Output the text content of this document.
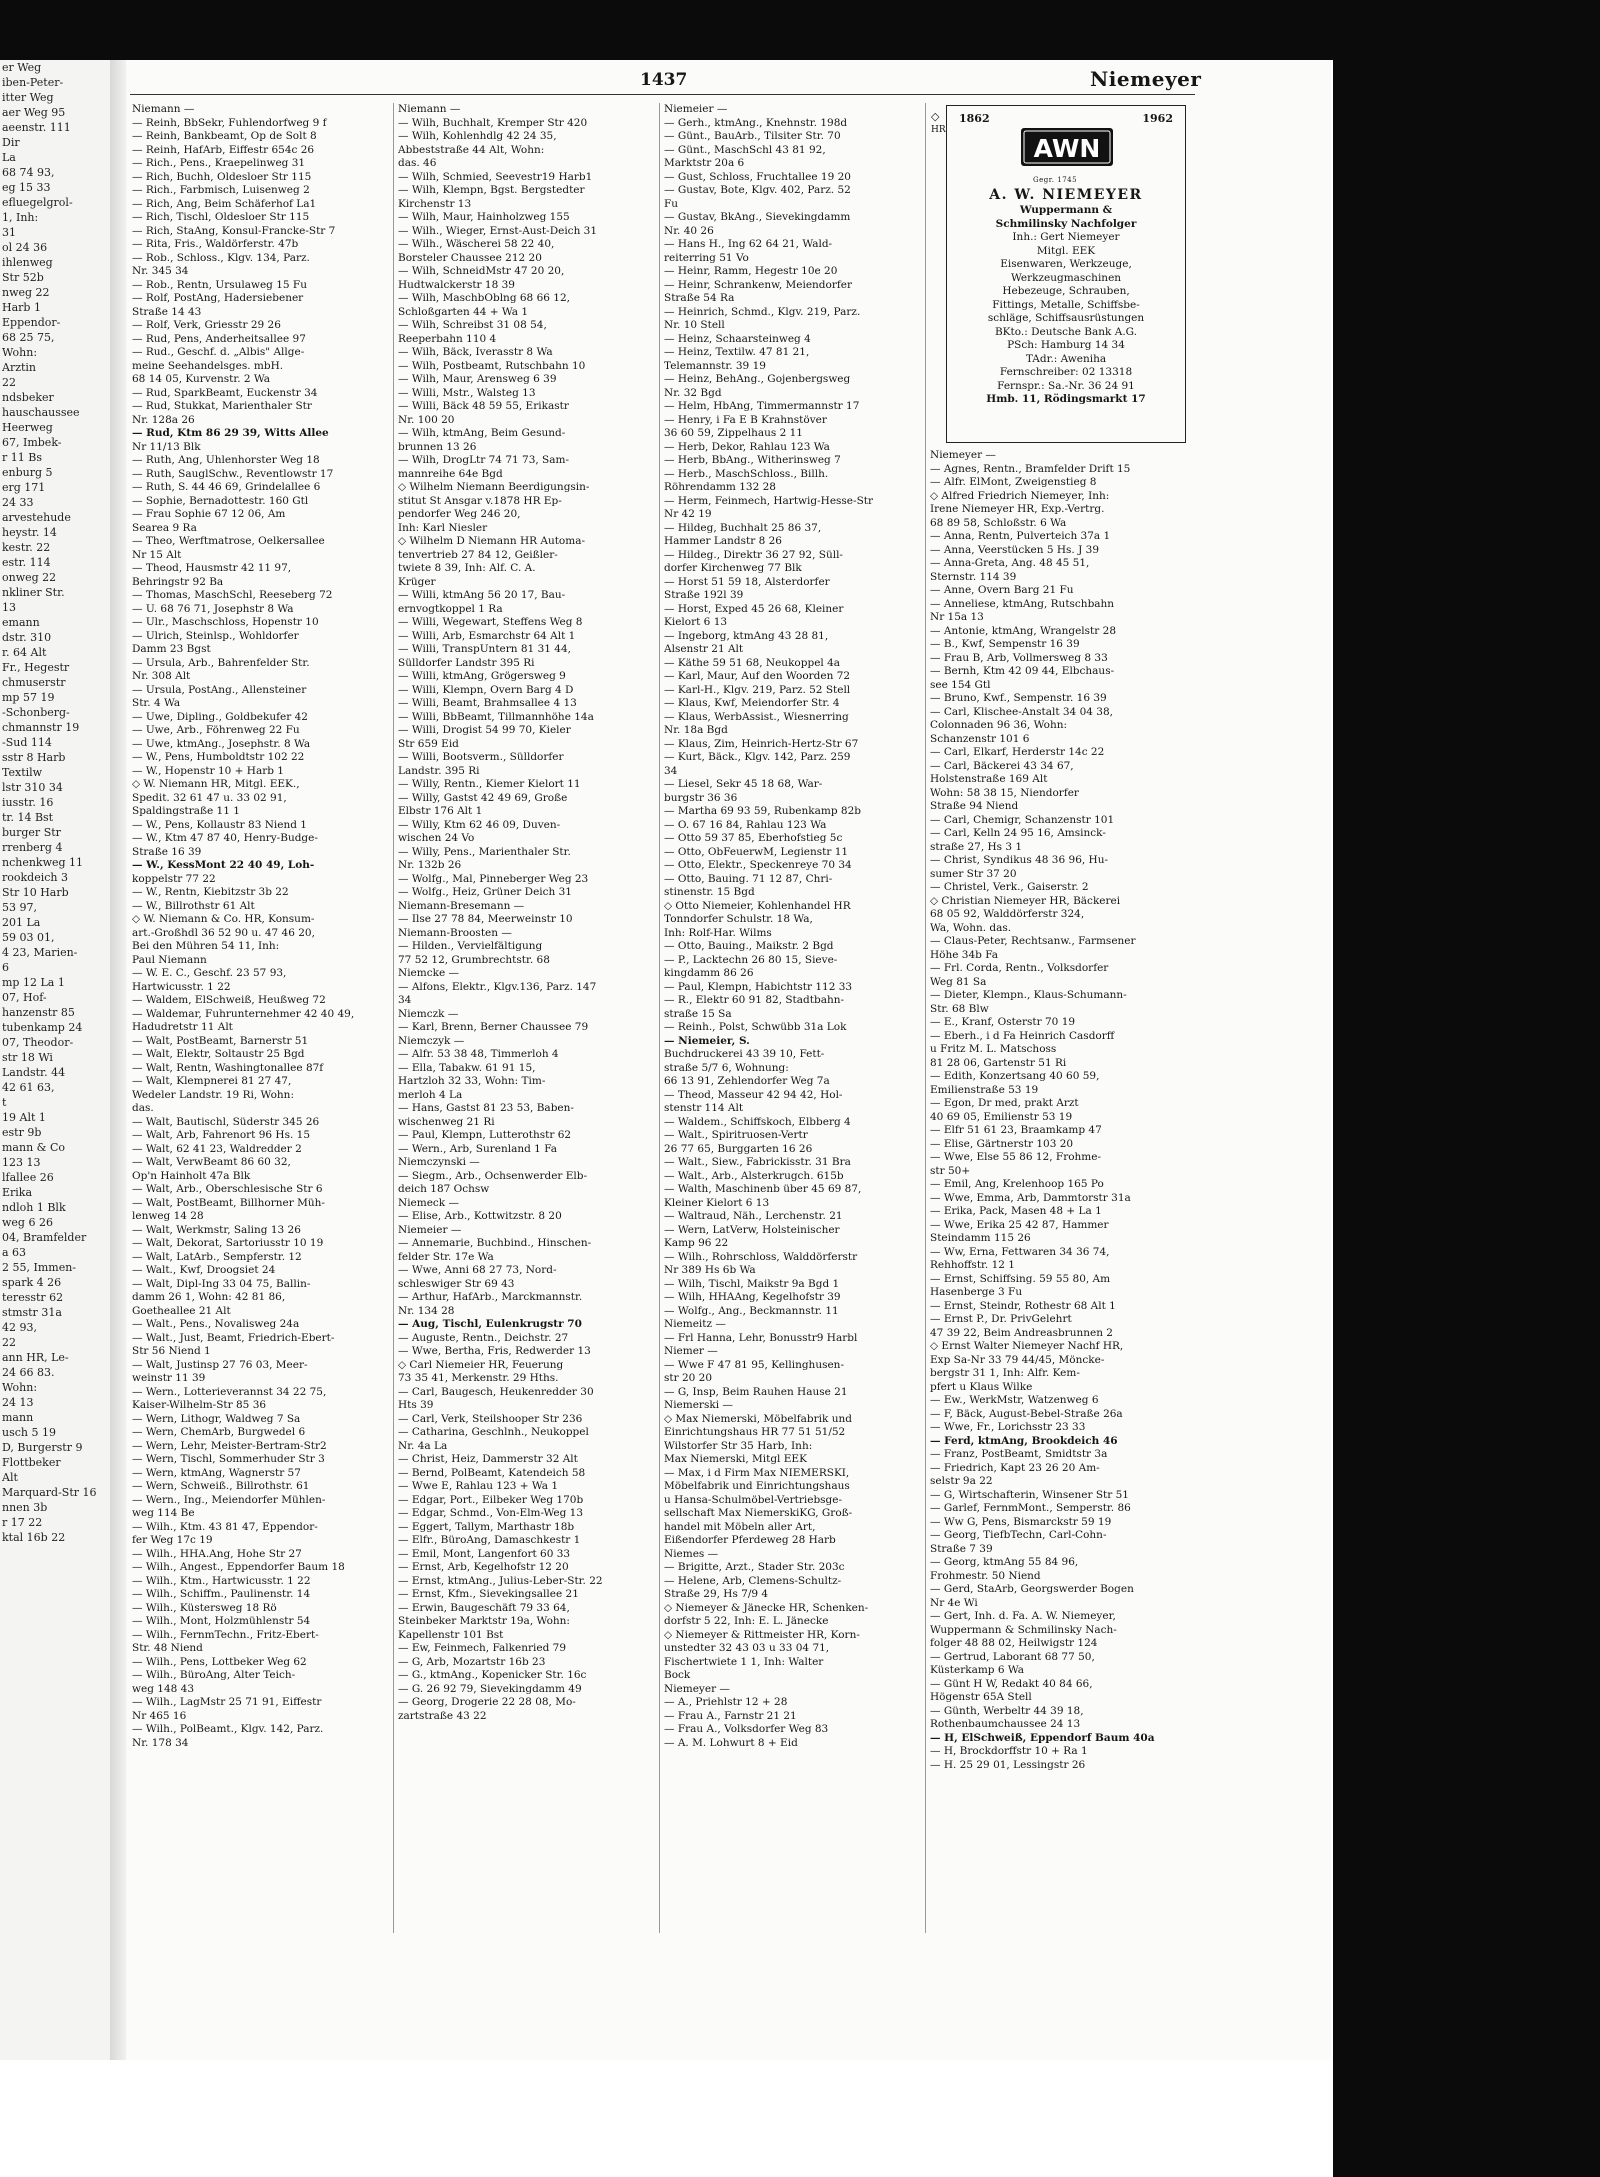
er Weg
iben-Peter-
itter Weg
aer Weg 95
aeenstr. 111
Dir
La
68 74 93,
eg 15 33
efluegelgrol-
1, Inh:
31
ol 24 36
ihlenweg
Str 52b
nweg 22
Harb 1
Eppendor-
68 25 75,
Wohn:
Arztin
22
ndsbeker
hauschaussee
Heerweg
67, Imbek-
r 11 Bs
enburg 5
erg 171
24 33
arvestehude
heystr. 14
kestr. 22
estr. 114
onweg 22
nkliner Str.
13
emann
dstr. 310
r. 64 Alt
Fr., Hegestr
chmuserstr
mp 57 19
-Schonberg-
chmannstr 19
-Sud 114
sstr 8 Harb
Textilw
lstr 310 34
iusstr. 16
tr. 14 Bst
burger Str
rrenberg 4
nchenkweg 11
rookdeich 3
Str 10 Harb
53 97,
201 La
59 03 01,
4 23, Marien-
6
mp 12 La 1
07, Hof-
hanzenstr 85
tubenkamp 24
07, Theodor-
str 18 Wi
Landstr. 44
42 61 63,
t
19 Alt 1
estr 9b
mann & Co
123 13
lfallee 26
Erika
ndloh 1 Blk
weg 6 26
04, Bramfelder
a 63
2 55, Immen-
spark 4 26
teresstr 62
stmstr 31a
42 93,
22
ann HR, Le-
24 66 83.
Wohn:
24 13
mann
usch 5 19
D, Burgerstr 9
Flottbeker
Alt
Marquard-Str 16
nnen 3b
r 17 22
ktal 16b 22
1437	Niemeyer
Niemann —
— Reinh, BbSekr, Fuhlendorfweg 9 f
— Reinh, Bankbeamt, Op de Solt 8
— Reinh, HafArb, Eiffestr 654c 26
— Rich., Pens., Kraepelinweg 31
— Rich, Buchh, Oldesloer Str 115
— Rich., Farbmisch, Luisenweg 2
— Rich, Ang, Beim Schäferhof La1
— Rich, Tischl, Oldesloer Str 115
— Rich, StaAng, Konsul-Francke-Str 7
— Rita, Fris., Waldörferstr. 47b
— Rob., Schloss., Klgv. 134, Parz.
Nr. 345 34
— Rob., Rentn, Ursulaweg 15 Fu
— Rolf, PostAng, Hadersiebener
Straße 14 43
— Rolf, Verk, Griesstr 29 26
— Rud, Pens, Anderheitsallee 97
— Rud., Geschf. d. „Albis" Allge-
meine Seehandelsges. mbH.
68 14 05, Kurvenstr. 2 Wa
— Rud, SparkBeamt, Euckenstr 34
— Rud, Stukkat, Marienthaler Str
Nr. 128a 26
— Rud, Ktm 86 29 39, Witts Allee
Nr 11/13 Blk
— Ruth, Ang, Uhlenhorster Weg 18
— Ruth, SauglSchw., Reventlowstr 17
— Ruth, S. 44 46 69, Grindelallee 6
— Sophie, Bernadottestr. 160 Gtl
— Frau Sophie 67 12 06, Am
Searea 9 Ra
— Theo, Werftmatrose, Oelkersallee
Nr 15 Alt
— Theod, Hausmstr 42 11 97,
Behringstr 92 Ba
— Thomas, MaschSchl, Reeseberg 72
— U. 68 76 71, Josephstr 8 Wa
— Ulr., Maschschloss, Hopenstr 10
— Ulrich, Steinlsp., Wohldorfer
Damm 23 Bgst
— Ursula, Arb., Bahrenfelder Str.
Nr. 308 Alt
— Ursula, PostAng., Allensteiner
Str. 4 Wa
— Uwe, Dipling., Goldbekufer 42
— Uwe, Arb., Föhrenweg 22 Fu
— Uwe, ktmAng., Josephstr. 8 Wa
— W., Pens, Humboldtstr 102 22
— W., Hopenstr 10 + Harb 1
◇ W. Niemann HR, Mitgl. EEK.,
Spedit. 32 61 47 u. 33 02 91,
Spaldingstraße 11 1
— W., Pens, Kollaustr 83 Niend 1
— W., Ktm 47 87 40, Henry-Budge-
Straße 16 39
— W., KessMont 22 40 49, Loh-
koppelstr 77 22
— W., Rentn, Kiebitzstr 3b 22
— W., Billrothstr 61 Alt
◇ W. Niemann & Co. HR, Konsum-
art.-Großhdl 36 52 90 u. 47 46 20,
Bei den Mühren 54 11, Inh:
Paul Niemann
— W. E. C., Geschf. 23 57 93,
Hartwicusstr. 1 22
— Waldem, ElSchweiß, Heußweg 72
— Waldemar, Fuhrunternehmer 42 40 49,
Hadudretstr 11 Alt
— Walt, PostBeamt, Barnerstr 51
— Walt, Elektr, Soltaustr 25 Bgd
— Walt, Rentn, Washingtonallee 87f
— Walt, Klempnerei 81 27 47,
Wedeler Landstr. 19 Ri, Wohn:
das.
— Walt, Bautischl, Süderstr 345 26
— Walt, Arb, Fahrenort 96 Hs. 15
— Walt, 62 41 23, Waldredder 2
— Walt, VerwBeamt 86 60 32,
Op'n Hainholt 47a Blk
— Walt, Arb., Oberschlesische Str 6
— Walt, PostBeamt, Billhorner Müh-
lenweg 14 28
— Walt, Werkmstr, Saling 13 26
— Walt, Dekorat, Sartoriusstr 10 19
— Walt, LatArb., Sempferstr. 12
— Walt., Kwf, Droogsiet 24
— Walt, Dipl-Ing 33 04 75, Ballin-
damm 26 1, Wohn: 42 81 86,
Goetheallee 21 Alt
— Walt., Pens., Novalisweg 24a
— Walt., Just, Beamt, Friedrich-Ebert-
Str 56 Niend 1
— Walt, Justinsp 27 76 03, Meer-
weinstr 11 39
— Wern., Lotterieverannst 34 22 75,
Kaiser-Wilhelm-Str 85 36
— Wern, Lithogr, Waldweg 7 Sa
— Wern, ChemArb, Burgwedel 6
— Wern, Lehr, Meister-Bertram-Str2
— Wern, Tischl, Sommerhuder Str 3
— Wern, ktmAng, Wagnerstr 57
— Wern, Schweiß., Billrothstr. 61
— Wern., Ing., Meiendorfer Mühlen-
weg 114 Be
— Wilh., Ktm. 43 81 47, Eppendor-
fer Weg 17c 19
— Wilh., HHA.Ang, Hohe Str 27
— Wilh., Angest., Eppendorfer Baum 18
— Wilh., Ktm., Hartwicusstr. 1 22
— Wilh., Schiffm., Paulinenstr. 14
— Wilh., Küstersweg 18 Rö
— Wilh., Mont, Holzmühlenstr 54
— Wilh., FernmTechn., Fritz-Ebert-
Str. 48 Niend
— Wilh., Pens, Lottbeker Weg 62
— Wilh., BüroAng, Alter Teich-
weg 148 43
— Wilh., LagMstr 25 71 91, Eiffestr
Nr 465 16
— Wilh., PolBeamt., Klgv. 142, Parz.
Nr. 178 34
Niemann —
— Wilh, Buchhalt, Kremper Str 420
— Wilh, Kohlenhdlg 42 24 35,
Abbeststraße 44 Alt, Wohn:
das. 46
— Wilh, Schmied, Seevestr19 Harb1
— Wilh, Klempn, Bgst. Bergstedter
Kirchenstr 13
— Wilh, Maur, Hainholzweg 155
— Wilh., Wieger, Ernst-Aust-Deich 31
— Wilh., Wäscherei 58 22 40,
Borsteler Chaussee 212 20
— Wilh, SchneidMstr 47 20 20,
Hudtwalckerstr 18 39
— Wilh, MaschbOblng 68 66 12,
Schloßgarten 44 + Wa 1
— Wilh, Schreibst 31 08 54,
Reeperbahn 110 4
— Wilh, Bäck, Iverasstr 8 Wa
— Wilh, Postbeamt, Rutschbahn 10
— Wilh, Maur, Arensweg 6 39
— Willi, Mstr., Walsteg 13
— Willi, Bäck 48 59 55, Erikastr
Nr. 100 20
— Wilh, ktmAng, Beim Gesund-
brunnen 13 26
— Wilh, DrogLtr 74 71 73, Sam-
mannreihe 64e Bgd
◇ Wilhelm Niemann Beerdigungsin-
stitut St Ansgar v.1878 HR Ep-
pendorfer Weg 246 20,
Inh: Karl Niesler
◇ Wilhelm D Niemann HR Automa-
tenvertrieb 27 84 12, Geißler-
twiete 8 39, Inh: Alf. C. A.
Krüger
— Willi, ktmAng 56 20 17, Bau-
ernvogtkoppel 1 Ra
— Willi, Wegewart, Steffens Weg 8
— Willi, Arb, Esmarchstr 64 Alt 1
— Willi, TranspUntern 81 31 44,
Sülldorfer Landstr 395 Ri
— Willi, ktmAng, Grögersweg 9
— Willi, Klempn, Overn Barg 4 D
— Willi, Beamt, Brahmsallee 4 13
— Willi, BbBeamt, Tillmannhöhe 14a
— Willi, Drogist 54 99 70, Kieler
Str 659 Eid
— Willi, Bootsverm., Sülldorfer
Landstr. 395 Ri
— Willy, Rentn., Kiemer Kielort 11
— Willy, Gastst 42 49 69, Große
Elbstr 176 Alt 1
— Willy, Ktm 62 46 09, Duven-
wischen 24 Vo
— Willy, Pens., Marienthaler Str.
Nr. 132b 26
— Wolfg., Mal, Pinneberger Weg 23
— Wolfg., Heiz, Grüner Deich 31
Niemann-Bresemann —
— Ilse 27 78 84, Meerweinstr 10
Niemann-Broosten —
— Hilden., Vervielfältigung
77 52 12, Grumbrechtstr. 68
Niemcke —
— Alfons, Elektr., Klgv.136, Parz. 147
34
Niemczk —
— Karl, Brenn, Berner Chaussee 79
Niemczyk —
— Alfr. 53 38 48, Timmerloh 4
— Ella, Tabakw. 61 91 15,
Hartzloh 32 33, Wohn: Tim-
merloh 4 La
— Hans, Gastst 81 23 53, Baben-
wischenweg 21 Ri
— Paul, Klempn, Lutterothstr 62
— Wern., Arb, Surenland 1 Fa
Niemczynski —
— Siegm., Arb., Ochsenwerder Elb-
deich 187 Ochsw
Niemeck —
— Elise, Arb., Kottwitzstr. 8 20
Niemeier —
— Annemarie, Buchbind., Hinschen-
felder Str. 17e Wa
— Wwe, Anni 68 27 73, Nord-
schleswiger Str 69 43
— Arthur, HafArb., Marckmannstr.
Nr. 134 28
— Aug, Tischl, Eulenkrugstr 70
— Auguste, Rentn., Deichstr. 27
— Wwe, Bertha, Fris, Redwerder 13
◇ Carl Niemeier HR, Feuerung
73 35 41, Merkenstr. 29 Hths.
— Carl, Baugesch, Heukenredder 30
Hts 39
— Carl, Verk, Steilshooper Str 236
— Catharina, Geschlnh., Neukoppel
Nr. 4a La
— Christ, Heiz, Dammerstr 32 Alt
— Bernd, PolBeamt, Katendeich 58
— Wwe E, Rahlau 123 + Wa 1
— Edgar, Port., Eilbeker Weg 170b
— Edgar, Schmd., Von-Elm-Weg 13
— Eggert, Tallym, Marthastr 18b
— Elfr., BüroAng, Damaschkestr 1
— Emil, Mont, Langenfort 60 33
— Ernst, Arb, Kegelhofstr 12 20
— Ernst, ktmAng., Julius-Leber-Str. 22
— Ernst, Kfm., Sievekingsallee 21
— Erwin, Baugeschäft 79 33 64,
Steinbeker Marktstr 19a, Wohn:
Kapellenstr 101 Bst
— Ew, Feinmech, Falkenried 79
— G, Arb, Mozartstr 16b 23
— G., ktmAng., Kopenicker Str. 16c
— G. 26 92 79, Sievekingdamm 49
— Georg, Drogerie 22 28 08, Mo-
zartstraße 43 22
Niemeier —
— Gerh., ktmAng., Knehnstr. 198d
— Günt., BauArb., Tilsiter Str. 70
— Günt., MaschSchl 43 81 92,
Marktstr 20a 6
— Gust, Schloss, Fruchtallee 19 20
— Gustav, Bote, Klgv. 402, Parz. 52
Fu
— Gustav, BkAng., Sievekingdamm
Nr. 40 26
— Hans H., Ing 62 64 21, Wald-
reiterring 51 Vo
— Heinr, Ramm, Hegestr 10e 20
— Heinr, Schrankenw, Meiendorfer
Straße 54 Ra
— Heinrich, Schmd., Klgv. 219, Parz.
Nr. 10 Stell
— Heinz, Schaarsteinweg 4
— Heinz, Textilw. 47 81 21,
Telemannstr. 39 19
— Heinz, BehAng., Gojenbergsweg
Nr. 32 Bgd
— Helm, HbAng, Timmermannstr 17
— Henry, i Fa E B Krahnstöver
36 60 59, Zippelhaus 2 11
— Herb, Dekor, Rahlau 123 Wa
— Herb, BbAng., Witherinsweg 7
— Herb., MaschSchloss., Billh.
Röhrendamm 132 28
— Herm, Feinmech, Hartwig-Hesse-Str
Nr 42 19
— Hildeg, Buchhalt 25 86 37,
Hammer Landstr 8 26
— Hildeg., Direktr 36 27 92, Süll-
dorfer Kirchenweg 77 Blk
— Horst 51 59 18, Alsterdorfer
Straße 192l 39
— Horst, Exped 45 26 68, Kleiner
Kielort 6 13
— Ingeborg, ktmAng 43 28 81,
Alsenstr 21 Alt
— Käthe 59 51 68, Neukoppel 4a
— Karl, Maur, Auf den Woorden 72
— Karl-H., Klgv. 219, Parz. 52 Stell
— Klaus, Kwf, Meiendorfer Str. 4
— Klaus, WerbAssist., Wiesnerring
Nr. 18a Bgd
— Klaus, Zim, Heinrich-Hertz-Str 67
— Kurt, Bäck., Klgv. 142, Parz. 259
34
— Liesel, Sekr 45 18 68, War-
burgstr 36 36
— Martha 69 93 59, Rubenkamp 82b
— O. 67 16 84, Rahlau 123 Wa
— Otto 59 37 85, Eberhofstieg 5c
— Otto, ObFeuerwM, Legienstr 11
— Otto, Elektr., Speckenreye 70 34
— Otto, Bauing. 71 12 87, Chri-
stinenstr. 15 Bgd
◇ Otto Niemeier, Kohlenhandel HR
Tonndorfer Schulstr. 18 Wa,
Inh: Rolf-Har. Wilms
— Otto, Bauing., Maikstr. 2 Bgd
— P., Lacktechn 26 80 15, Sieve-
kingdamm 86 26
— Paul, Klempn, Habichtstr 112 33
— R., Elektr 60 91 82, Stadtbahn-
straße 15 Sa
— Reinh., Polst, Schwübb 31a Lok
— Niemeier, S.
Buchdruckerei 43 39 10, Fett-
straße 5/7 6, Wohnung:
66 13 91, Zehlendorfer Weg 7a
— Theod, Masseur 42 94 42, Hol-
stenstr 114 Alt
— Waldem., Schiffskoch, Elbberg 4
— Walt., Spiritruosen-Vertr
26 77 65, Burggarten 16 26
— Walt., Siew., Fabrickisstr. 31 Bra
— Walt., Arb., Alsterkrugch. 615b
— Walth, Maschinenb über 45 69 87,
Kleiner Kielort 6 13
— Waltraud, Näh., Lerchenstr. 21
— Wern, LatVerw, Holsteinischer
Kamp 96 22
— Wilh., Rohrschloss, Walddörferstr
Nr 389 Hs 6b Wa
— Wilh, Tischl, Maikstr 9a Bgd 1
— Wilh, HHAAng, Kegelhofstr 39
— Wolfg., Ang., Beckmannstr. 11
Niemeitz —
— Frl Hanna, Lehr, Bonusstr9 Harbl
Niemer —
— Wwe F 47 81 95, Kellinghusen-
str 20 20
— G, Insp, Beim Rauhen Hause 21
Niemerski —
◇ Max Niemerski, Möbelfabrik und
Einrichtungshaus HR 77 51 51/52
Wilstorfer Str 35 Harb, Inh:
Max Niemerski, Mitgl EEK
— Max, i d Firm Max NIEMERSKI,
Möbelfabrik und Einrichtungshaus
u Hansa-Schulmöbel-Vertriebsge-
sellschaft Max NiemerskiKG, Groß-
handel mit Möbeln aller Art,
Eißendorfer Pferdeweg 28 Harb
Niemes —
— Brigitte, Arzt., Stader Str. 203c
— Helene, Arb, Clemens-Schultz-
Straße 29, Hs 7/9 4
◇ Niemeyer & Jänecke HR, Schenken-
dorfstr 5 22, Inh: E. L. Jänecke
◇ Niemeyer & Rittmeister HR, Korn-
unstedter 32 43 03 u 33 04 71,
Fischertwiete 1 1, Inh: Walter
Bock
Niemeyer —
— A., Priehlstr 12 + 28
— Frau A., Farnstr 21 21
— Frau A., Volksdorfer Weg 83
— A. M. Lohwurt 8 + Eid
◇
HR
1862	1962
AWN
Gegr. 1745
A. W. NIEMEYER
Wuppermann &
Schmilinsky Nachfolger
Inh.: Gert Niemeyer
Mitgl. EEK
Eisenwaren, Werkzeuge,
Werkzeugmaschinen
Hebezeuge, Schrauben,
Fittings, Metalle, Schiffsbe-
schläge, Schiffsausrüstungen
BKto.: Deutsche Bank A.G.
PSch: Hamburg 14 34
TAdr.: Aweniha
Fernschreiber: 02 13318
Fernspr.: Sa.-Nr. 36 24 91
Hmb. 11, Rödingsmarkt 17
Niemeyer —
— Agnes, Rentn., Bramfelder Drift 15
— Alfr. ElMont, Zweigenstieg 8
◇ Alfred Friedrich Niemeyer, Inh:
Irene Niemeyer HR, Exp.-Vertrg.
68 89 58, Schloßstr. 6 Wa
— Anna, Rentn, Pulverteich 37a 1
— Anna, Veerstücken 5 Hs. J 39
— Anna-Greta, Ang. 48 45 51,
Sternstr. 114 39
— Anne, Overn Barg 21 Fu
— Anneliese, ktmAng, Rutschbahn
Nr 15a 13
— Antonie, ktmAng, Wrangelstr 28
— B., Kwf, Sempenstr 16 39
— Frau B, Arb, Vollmersweg 8 33
— Bernh, Ktm 42 09 44, Elbchaus-
see 154 Gtl
— Bruno, Kwf., Sempenstr. 16 39
— Carl, Klischee-Anstalt 34 04 38,
Colonnaden 96 36, Wohn:
Schanzenstr 101 6
— Carl, Elkarf, Herderstr 14c 22
— Carl, Bäckerei 43 34 67,
Holstenstraße 169 Alt
Wohn: 58 38 15, Niendorfer
Straße 94 Niend
— Carl, Chemigr, Schanzenstr 101
— Carl, Kelln 24 95 16, Amsinck-
straße 27, Hs 3 1
— Christ, Syndikus 48 36 96, Hu-
sumer Str 37 20
— Christel, Verk., Gaiserstr. 2
◇ Christian Niemeyer HR, Bäckerei
68 05 92, Walddörferstr 324,
Wa, Wohn. das.
— Claus-Peter, Rechtsanw., Farmsener
Höhe 34b Fa
— Frl. Corda, Rentn., Volksdorfer
Weg 81 Sa
— Dieter, Klempn., Klaus-Schumann-
Str. 68 Blw
— E., Kranf, Osterstr 70 19
— Eberh., i d Fa Heinrich Casdorff
u Fritz M. L. Matschoss
81 28 06, Gartenstr 51 Ri
— Edith, Konzertsang 40 60 59,
Emilienstraße 53 19
— Egon, Dr med, prakt Arzt
40 69 05, Emilienstr 53 19
— Elfr 51 61 23, Braamkamp 47
— Elise, Gärtnerstr 103 20
— Wwe, Else 55 86 12, Frohme-
str 50+
— Emil, Ang, Krelenhoop 165 Po
— Wwe, Emma, Arb, Dammtorstr 31a
— Erika, Pack, Masen 48 + La 1
— Wwe, Erika 25 42 87, Hammer
Steindamm 115 26
— Ww, Erna, Fettwaren 34 36 74,
Rehhoffstr. 12 1
— Ernst, Schiffsing. 59 55 80, Am
Hasenberge 3 Fu
— Ernst, Steindr, Rothestr 68 Alt 1
— Ernst P., Dr. PrivGelehrt
47 39 22, Beim Andreasbrunnen 2
◇ Ernst Walter Niemeyer Nachf HR,
Exp Sa-Nr 33 79 44/45, Möncke-
bergstr 31 1, Inh: Alfr. Kem-
pfert u Klaus Wilke
— Ew., WerkMstr, Watzenweg 6
— F, Bäck, August-Bebel-Straße 26a
— Wwe, Fr., Lorichsstr 23 33
— Ferd, ktmAng, Brookdeich 46
— Franz, PostBeamt, Smidtstr 3a
— Friedrich, Kapt 23 26 20 Am-
selstr 9a 22
— G, Wirtschafterin, Winsener Str 51
— Garlef, FernmMont., Semperstr. 86
— Ww G, Pens, Bismarckstr 59 19
— Georg, TiefbTechn, Carl-Cohn-
Straße 7 39
— Georg, ktmAng 55 84 96,
Frohmestr. 50 Niend
— Gerd, StaArb, Georgswerder Bogen
Nr 4e Wi
— Gert, Inh. d. Fa. A. W. Niemeyer,
Wuppermann & Schmilinsky Nach-
folger 48 88 02, Heilwigstr 124
— Gertrud, Laborant 68 77 50,
Küsterkamp 6 Wa
— Günt H W, Redakt 40 84 66,
Högenstr 65A Stell
— Günth, Werbeltr 44 39 18,
Rothenbaumchaussee 24 13
— H, ElSchweiß, Eppendorf Baum 40a
— H, Brockdorffstr 10 + Ra 1
— H. 25 29 01, Lessingstr 26
